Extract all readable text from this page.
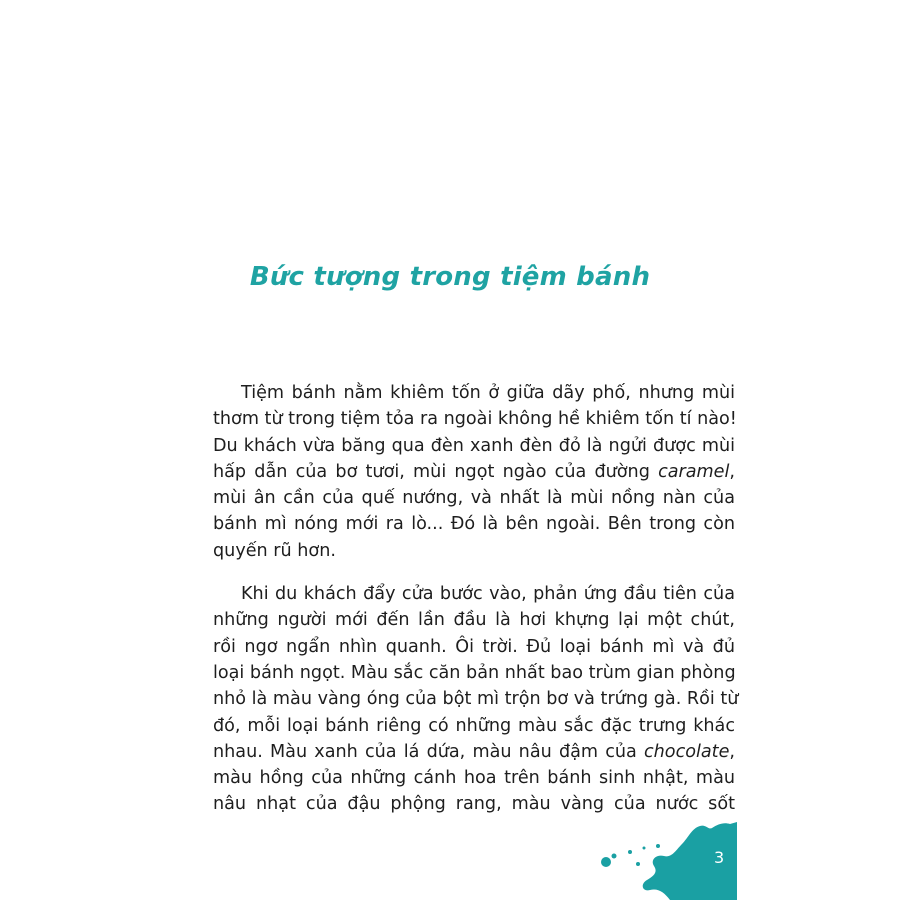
Bức tượng trong tiệm bánh
Tiệm bánh nằm khiêm tốn ở giữa dãy phố, nhưng mùi
thơm từ trong tiệm tỏa ra ngoài không hề khiêm tốn tí nào!
Du khách vừa băng qua đèn xanh đèn đỏ là ngửi được mùi
hấp dẫn của bơ tươi, mùi ngọt ngào của đường caramel,
mùi ân cần của quế nướng, và nhất là mùi nồng nàn của
bánh mì nóng mới ra lò... Đó là bên ngoài. Bên trong còn
quyến rũ hơn.
Khi du khách đẩy cửa bước vào, phản ứng đầu tiên của
những người mới đến lần đầu là hơi khựng lại một chút,
rồi ngơ ngẩn nhìn quanh. Ôi trời. Đủ loại bánh mì và đủ
loại bánh ngọt. Màu sắc căn bản nhất bao trùm gian phòng
nhỏ là màu vàng óng của bột mì trộn bơ và trứng gà. Rồi từ
đó, mỗi loại bánh riêng có những màu sắc đặc trưng khác
nhau. Màu xanh của lá dứa, màu nâu đậm của chocolate,
màu hồng của những cánh hoa trên bánh sinh nhật, màu
nâu nhạt của đậu phộng rang, màu vàng của nước sốt
3
